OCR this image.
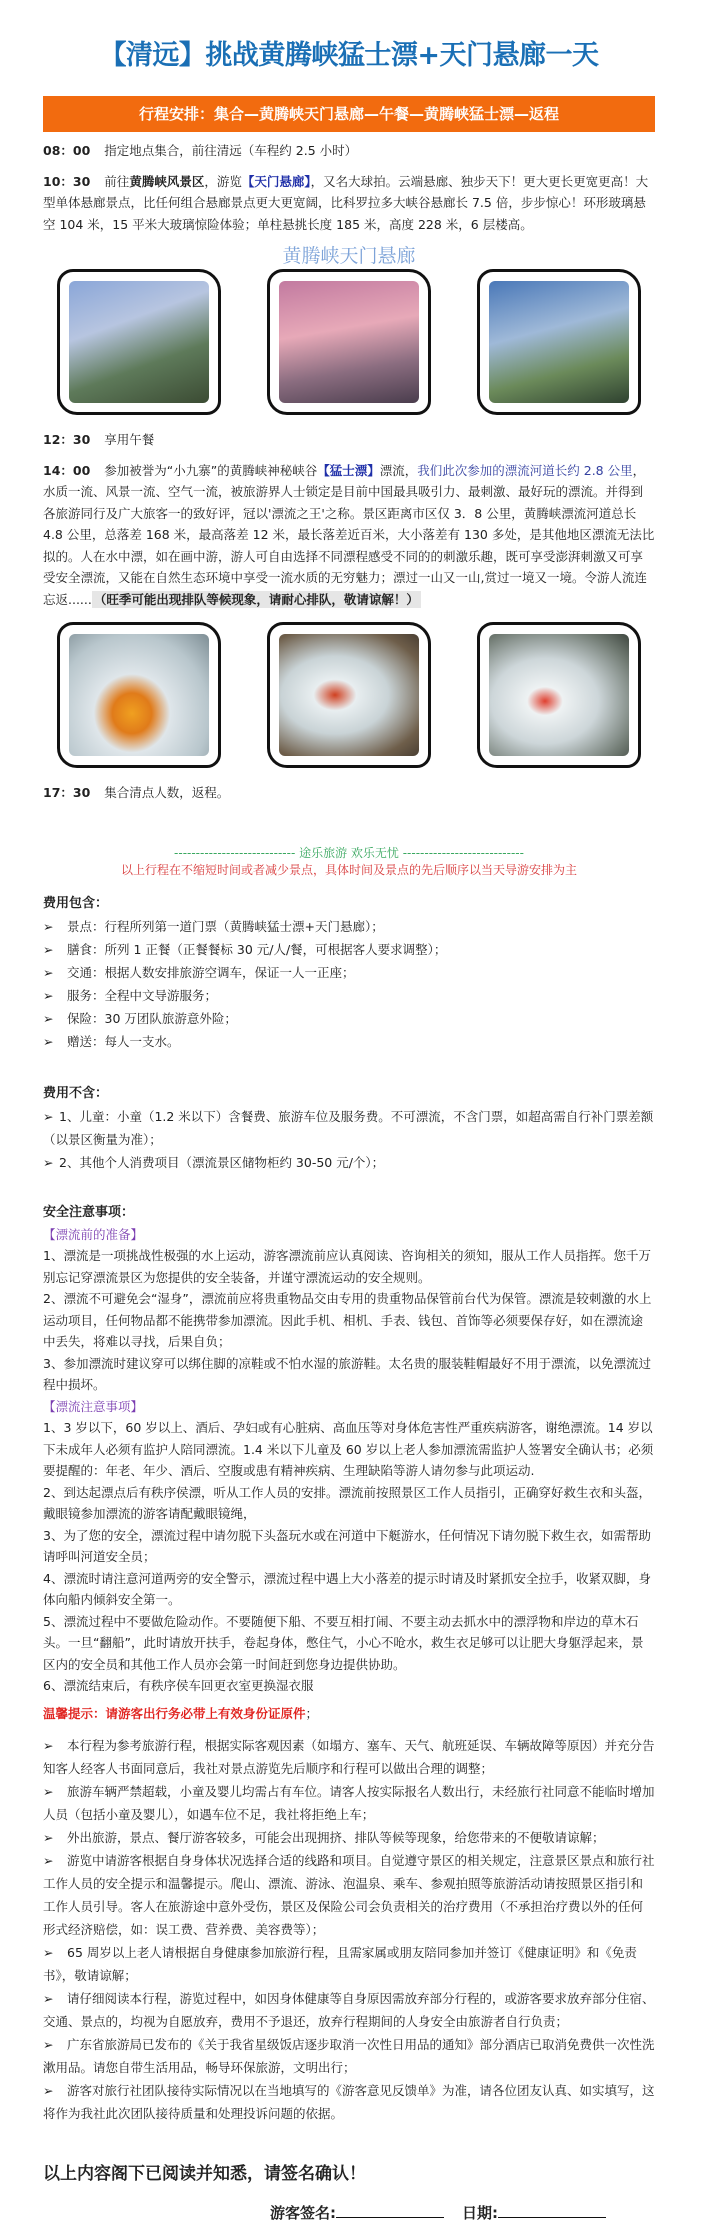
【清远】挑战黄腾峡猛士漂+天门悬廊一天
行程安排：集合—黄腾峡天门悬廊—午餐—黄腾峡猛士漂—返程

08：00 指定地点集合，前往清远（车程约 2.5 小时）

10：30 前往黄腾峡风景区，游览【天门悬廊】，又名大球拍。云端悬廊、独步天下！更大更长更宽更高！大型单体悬廊景点，比任何组合悬廊景点更大更宽阔，比科罗拉多大峡谷悬廊长 7.5 倍，步步惊心！环形玻璃悬空 104 米，15 平米大玻璃惊险体验；单柱悬挑长度 185 米，高度 228 米，6 层楼高。

黄腾峡天门悬廊

12：30 享用午餐

14：00 参加被誉为“小九寨”的黄腾峡神秘峡谷【猛士漂】漂流，我们此次参加的漂流河道长约 2.8 公里，水质一流、风景一流、空气一流，被旅游界人士锁定是目前中国最具吸引力、最刺激、最好玩的漂流。并得到各旅游同行及广大旅客一的致好评，冠以'漂流之王'之称。景区距离市区仅 3．8 公里，黄腾峡漂流河道总长 4.8 公里，总落差 168 米，最高落差 12 米，最长落差近百米，大小落差有 130 多处，是其他地区漂流无法比拟的。人在水中漂，如在画中游，游人可自由选择不同漂程感受不同的的刺激乐趣，既可享受澎湃刺激又可享受安全漂流，又能在自然生态环境中享受一流水质的无穷魅力；漂过一山又一山,赏过一境又一境。令游人流连忘返...... （旺季可能出现排队等候现象，请耐心排队，敬请谅解！）

17：30 集合清点人数，返程。

---------------------------- 途乐旅游 欢乐无忧 ----------------------------
以上行程在不缩短时间或者减少景点，具体时间及景点的先后顺序以当天导游安排为主
费用包含：

➢ 景点：行程所列第一道门票（黄腾峡猛士漂+天门悬廊）；

➢ 膳食：所列 1 正餐（正餐餐标 30 元/人/餐，可根据客人要求调整）；

➢ 交通：根据人数安排旅游空调车，保证一人一正座；

➢ 服务：全程中文导游服务；

➢ 保险：30 万团队旅游意外险；

➢ 赠送：每人一支水。

费用不含：

➢ 1、儿童：小童（1.2 米以下）含餐费、旅游车位及服务费。不可漂流，不含门票，如超高需自行补门票差额（以景区衡量为准）；

➢ 2、其他个人消费项目（漂流景区储物柜约 30-50 元/个）；

安全注意事项：

【漂流前的准备】

1、漂流是一项挑战性极强的水上运动，游客漂流前应认真阅读、咨询相关的须知，服从工作人员指挥。您千万别忘记穿漂流景区为您提供的安全装备，并谨守漂流运动的安全规则。

2、漂流不可避免会“湿身”，漂流前应将贵重物品交由专用的贵重物品保管前台代为保管。漂流是较刺激的水上运动项目，任何物品都不能携带参加漂流。因此手机、相机、手表、钱包、首饰等必须要保存好，如在漂流途中丢失，将难以寻找，后果自负；

3、参加漂流时建议穿可以绑住脚的凉鞋或不怕水湿的旅游鞋。太名贵的服装鞋帽最好不用于漂流，以免漂流过程中损坏。

【漂流注意事项】

1、3 岁以下，60 岁以上、酒后、孕妇或有心脏病、高血压等对身体危害性严重疾病游客，谢绝漂流。14 岁以下未成年人必须有监护人陪同漂流。1.4 米以下儿童及 60 岁以上老人参加漂流需监护人签署安全确认书；必须要提醒的：年老、年少、酒后、空腹或患有精神疾病、生理缺陷等游人请勿参与此项运动.

2、到达起漂点后有秩序侯漂，听从工作人员的安排。漂流前按照景区工作人员指引，正确穿好救生衣和头盔，戴眼镜参加漂流的游客请配戴眼镜绳，

3、为了您的安全，漂流过程中请勿脱下头盔玩水或在河道中下艇游水，任何情况下请勿脱下救生衣，如需帮助请呼叫河道安全员；

4、漂流时请注意河道两旁的安全警示，漂流过程中遇上大小落差的提示时请及时紧抓安全拉手，收紧双脚，身体向船内倾斜安全第一。

5、漂流过程中不要做危险动作。不要随便下船、不要互相打闹、不要主动去抓水中的漂浮物和岸边的草木石头。一旦“翻船”，此时请放开扶手，卷起身体，憋住气，小心不呛水，救生衣足够可以让肥大身躯浮起来，景区内的安全员和其他工作人员亦会第一时间赶到您身边提供协助。

6、漂流结束后，有秩序侯车回更衣室更换湿衣服

温馨提示：请游客出行务必带上有效身份证原件；

➢ 本行程为参考旅游行程，根据实际客观因素（如塌方、塞车、天气、航班延误、车辆故障等原因）并充分告知客人经客人书面同意后，我社对景点游览先后顺序和行程可以做出合理的调整；

➢ 旅游车辆严禁超载，小童及婴儿均需占有车位。请客人按实际报名人数出行，未经旅行社同意不能临时增加人员（包括小童及婴儿），如遇车位不足，我社将拒绝上车；

➢ 外出旅游，景点、餐厅游客较多，可能会出现拥挤、排队等候等现象，给您带来的不便敬请谅解；

➢ 游览中请游客根据自身身体状况选择合适的线路和项目。自觉遵守景区的相关规定，注意景区景点和旅行社工作人员的安全提示和温馨提示。爬山、漂流、游泳、泡温泉、乘车、参观拍照等旅游活动请按照景区指引和工作人员引导。客人在旅游途中意外受伤，景区及保险公司会负责相关的治疗费用（不承担治疗费以外的任何形式经济赔偿，如：误工费、营养费、美容费等）；

➢ 65 周岁以上老人请根据自身健康参加旅游行程，且需家属或朋友陪同参加并签订《健康证明》和《免责书》，敬请谅解；

➢ 请仔细阅读本行程，游览过程中，如因身体健康等自身原因需放弃部分行程的，或游客要求放弃部分住宿、交通、景点的，均视为自愿放弃，费用不予退还，放弃行程期间的人身安全由旅游者自行负责；

➢ 广东省旅游局已发布的《关于我省星级饭店逐步取消一次性日用品的通知》部分酒店已取消免费供一次性洗漱用品。请您自带生活用品，畅导环保旅游，文明出行；

➢ 游客对旅行社团队接待实际情况以在当地填写的《游客意见反馈单》为准，请各位团友认真、如实填写，这将作为我社此次团队接待质量和处理投诉问题的依据。

以上内容阁下已阅读并知悉，请签名确认！
游客签名:	日期:
